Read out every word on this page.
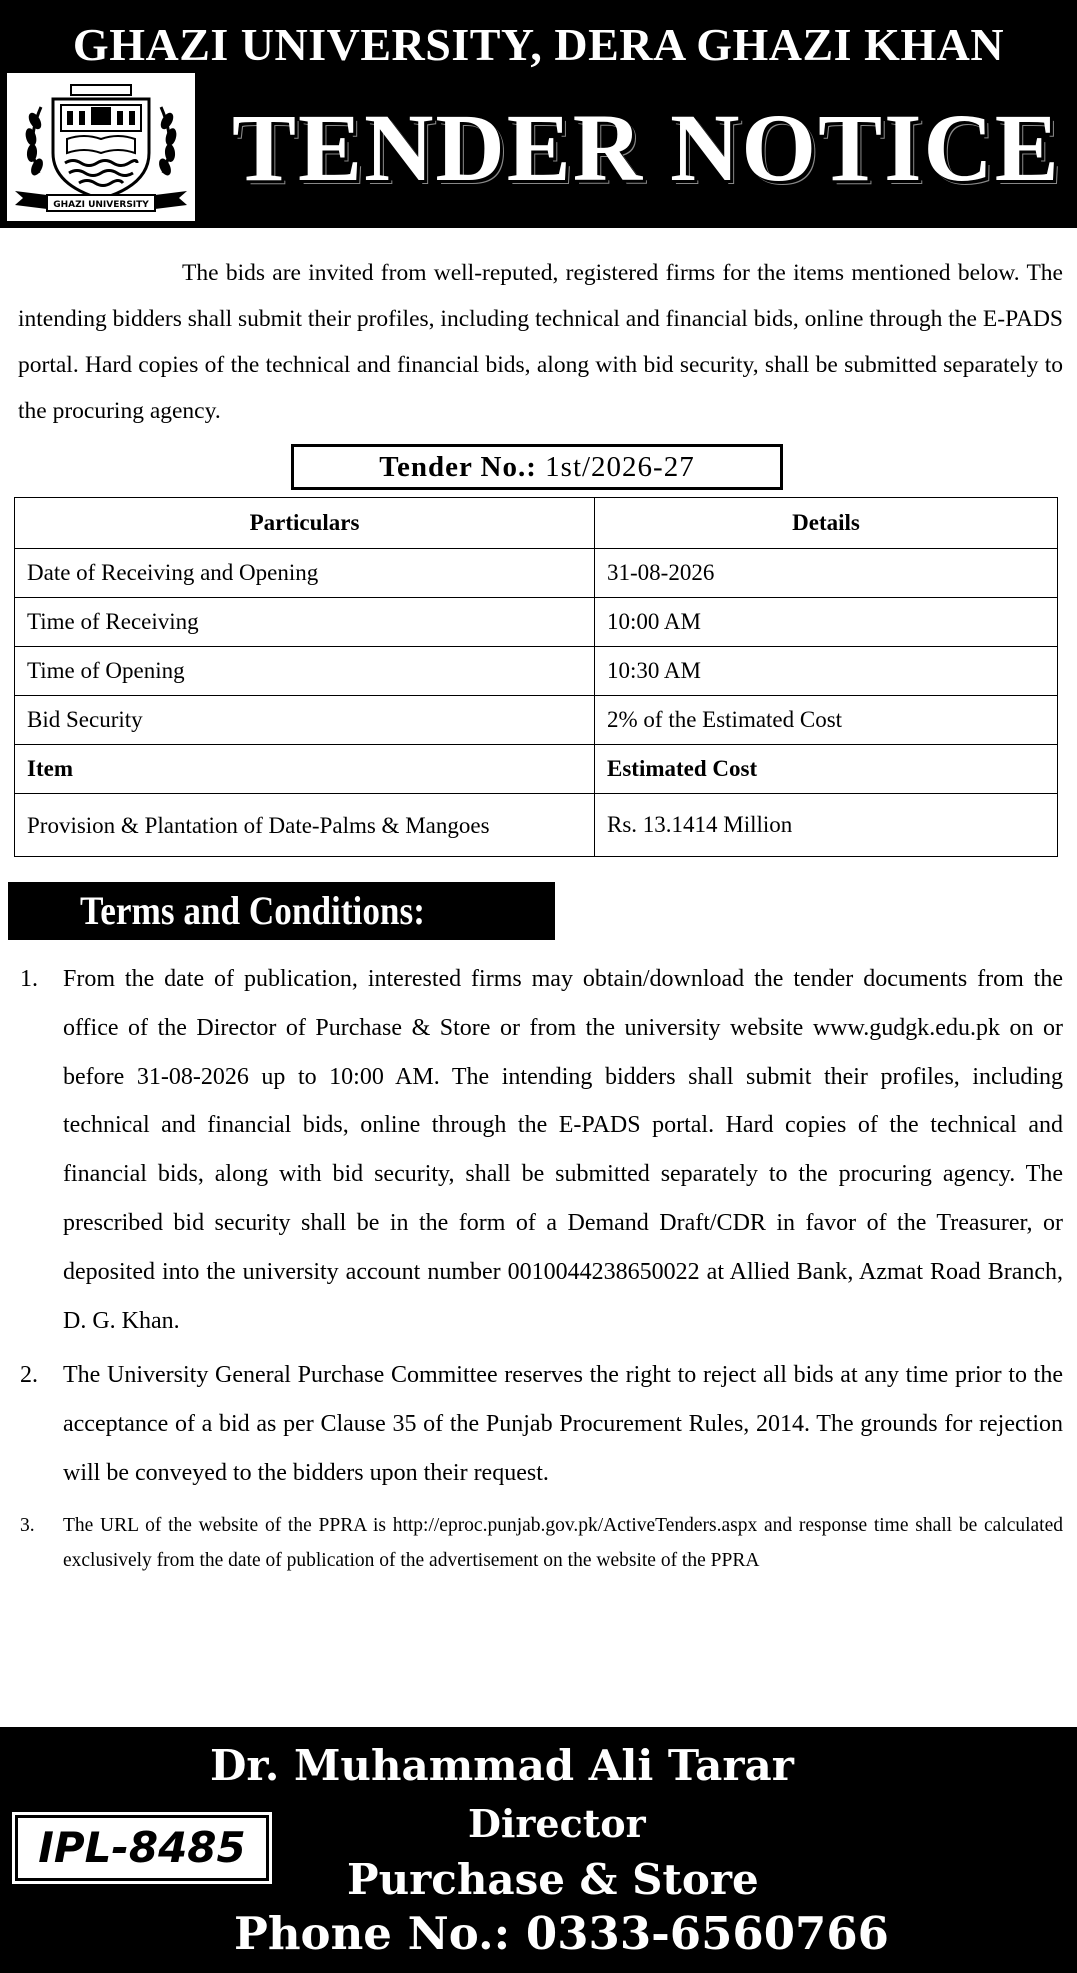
GHAZI UNIVERSITY, DERA GHAZI KHAN
GHAZI UNIVERSITY
TENDER NOTICE

The bids are invited from well-reputed, registered firms for the items mentioned below. The intending bidders shall submit their profiles, including technical and financial bids, online through the E-PADS portal. Hard copies of the technical and financial bids, along with bid security, shall be submitted separately to the procuring agency.

Tender No.: 1st/2026-27
Particulars	Details
Date of Receiving and Opening	31-08-2026
Time of Receiving	10:00 AM
Time of Opening	10:30 AM
Bid Security	2% of the Estimated Cost
Item	Estimated Cost
Provision & Plantation of Date-Palms & Mangoes	Rs. 13.1414 Million
Terms and Conditions:
1. From the date of publication, interested firms may obtain/download the tender documents from the office of the Director of Purchase & Store or from the university website www.gudgk.edu.pk on or before 31-08-2026 up to 10:00 AM. The intending bidders shall submit their profiles, including technical and financial bids, online through the E-PADS portal. Hard copies of the technical and financial bids, along with bid security, shall be submitted separately to the procuring agency. The prescribed bid security shall be in the form of a Demand Draft/CDR in favor of the Treasurer, or deposited into the university account number 0010044238650022 at Allied Bank, Azmat Road Branch, D. G. Khan.
2. The University General Purchase Committee reserves the right to reject all bids at any time prior to the acceptance of a bid as per Clause 35 of the Punjab Procurement Rules, 2014. The grounds for rejection will be conveyed to the bidders upon their request.
3. The URL of the website of the PPRA is http://eproc.punjab.gov.pk/ActiveTenders.aspx and response time shall be calculated exclusively from the date of publication of the advertisement on the website of the PPRA
Dr. Muhammad Ali Tarar
Director
Purchase & Store
Phone No.: 0333-6560766
IPL-8485
